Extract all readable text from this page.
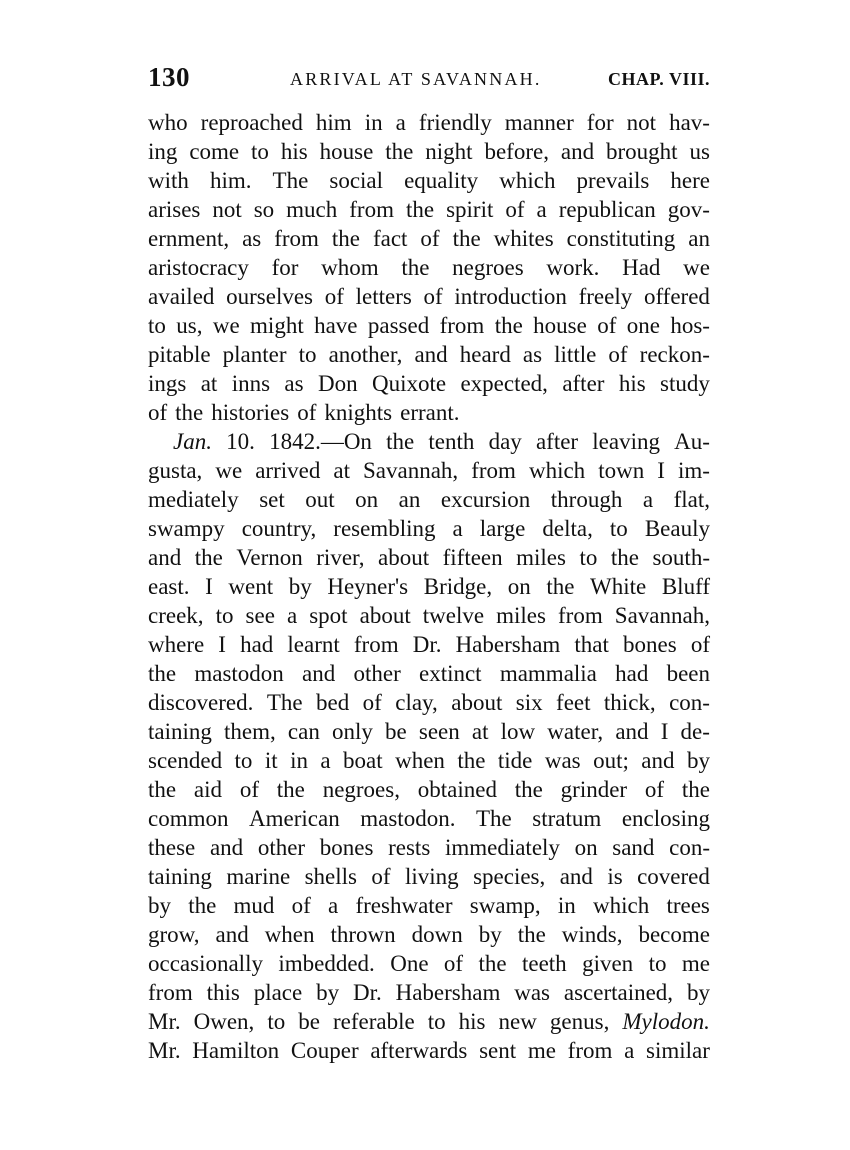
130	ARRIVAL AT SAVANNAH.	CHAP. VIII.
who reproached him in a friendly manner for not hav-
ing come to his house the night before, and brought us
with him. The social equality which prevails here
arises not so much from the spirit of a republican gov-
ernment, as from the fact of the whites constituting an
aristocracy for whom the negroes work. Had we
availed ourselves of letters of introduction freely offered
to us, we might have passed from the house of one hos-
pitable planter to another, and heard as little of reckon-
ings at inns as Don Quixote expected, after his study
of the histories of knights errant.
Jan. 10. 1842.—On the tenth day after leaving Au-
gusta, we arrived at Savannah, from which town I im-
mediately set out on an excursion through a flat,
swampy country, resembling a large delta, to Beauly
and the Vernon river, about fifteen miles to the south-
east. I went by Heyner's Bridge, on the White Bluff
creek, to see a spot about twelve miles from Savannah,
where I had learnt from Dr. Habersham that bones of
the mastodon and other extinct mammalia had been
discovered. The bed of clay, about six feet thick, con-
taining them, can only be seen at low water, and I de-
scended to it in a boat when the tide was out; and by
the aid of the negroes, obtained the grinder of the
common American mastodon. The stratum enclosing
these and other bones rests immediately on sand con-
taining marine shells of living species, and is covered
by the mud of a freshwater swamp, in which trees
grow, and when thrown down by the winds, become
occasionally imbedded. One of the teeth given to me
from this place by Dr. Habersham was ascertained, by
Mr. Owen, to be referable to his new genus, Mylodon.
Mr. Hamilton Couper afterwards sent me from a similar
